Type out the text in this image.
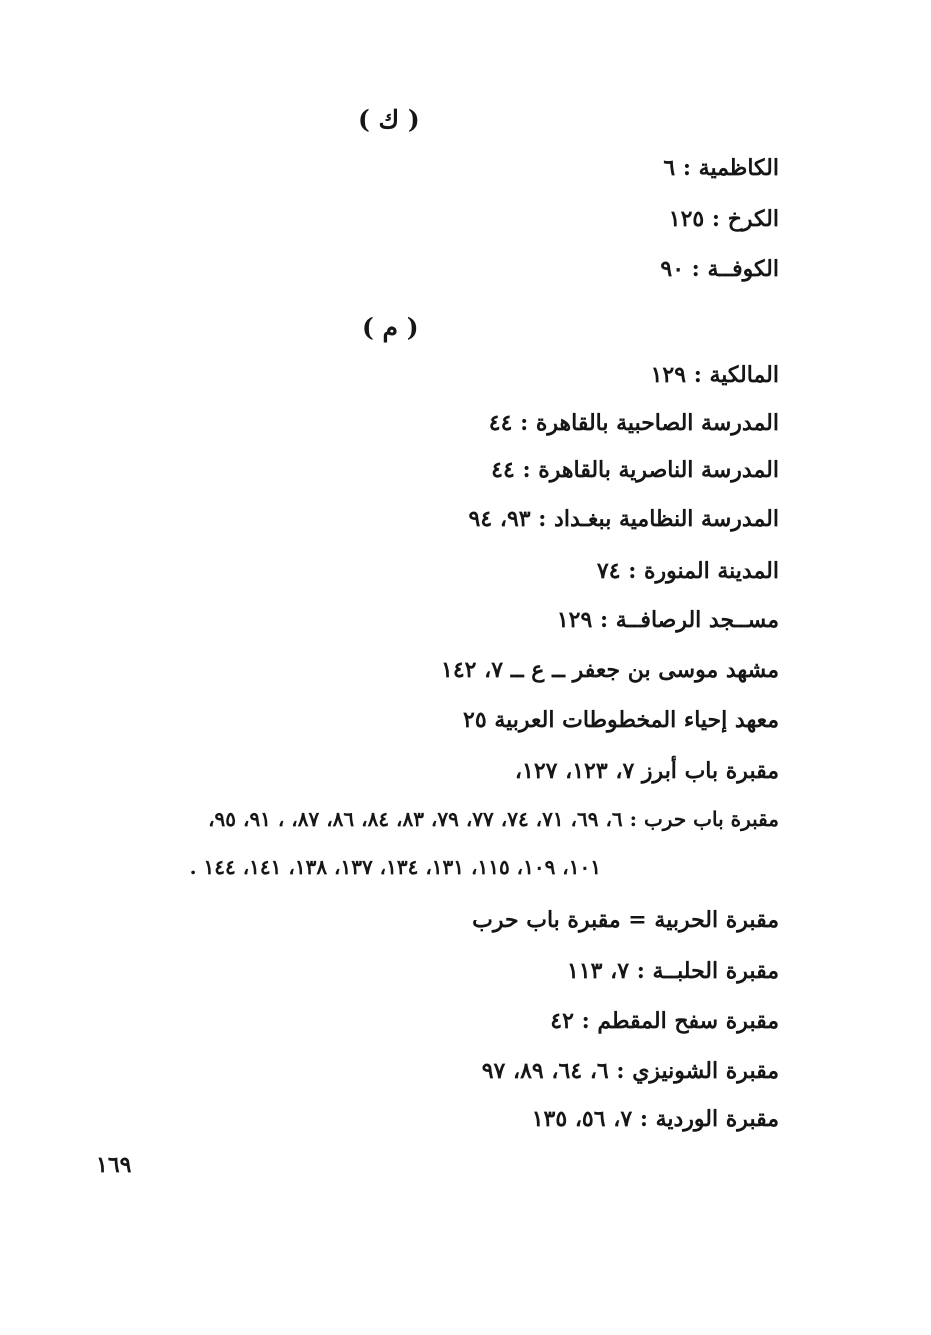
( ك )
الكاظمية : ٦
الكرخ : ١٢٥
الكوفــة : ٩٠
( م )
المالكية : ١٢٩
المدرسة الصاحبية بالقاهرة : ٤٤
المدرسة الناصرية بالقاهرة : ٤٤
المدرسة النظامية ببغـداد : ٩٣، ٩٤
المدينة المنورة : ٧٤
مســجد الرصافــة : ١٢٩
مشهد موسى بن جعفر ــ ع ــ ٧، ١٤٢
معهد إحياء المخطوطات العربية ٢٥
مقبرة باب أبرز ٧، ١٢٣، ١٢٧،
مقبرة باب حرب : ٦، ٦٩، ٧١، ٧٤، ٧٧، ٧٩، ٨٣، ٨٤، ٨٦، ٨٧، ، ٩١، ٩٥،
١٠١، ١٠٩، ١١٥، ١٣١، ١٣٤، ١٣٧، ١٣٨، ١٤١، ١٤٤ .
مقبرة الحربية = مقبرة باب حرب
مقبرة الحلبــة : ٧، ١١٣
مقبرة سفح المقطم : ٤٢
مقبرة الشونيزي : ٦، ٦٤، ٨٩، ٩٧
مقبرة الوردية : ٧، ٥٦، ١٣٥
١٦٩
